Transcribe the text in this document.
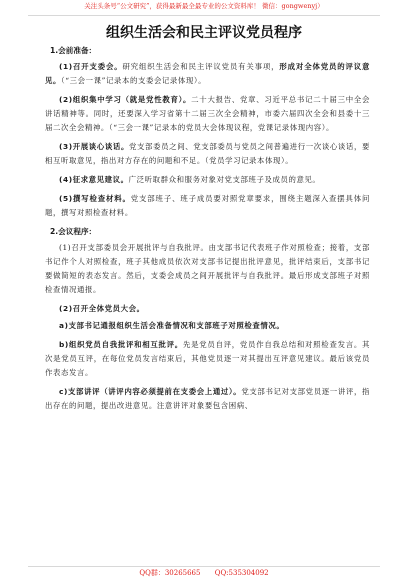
关注头条号“公文研究”，获得最新最全最专业的公文资料库！ 微信：gongwenyj）
组织生活会和民主评议党员程序
1.会前准备：

(1)召开支委会。研究组织生活会和民主评议党员有关事项，形成对全体党员的评议意见。（“三会一课”记录本的支委会记录体现）。

(2)组织集中学习（就是党性教育）。二十大报告、党章、习近平总书记二十届三中全会讲话精神等。同时，还要深入学习省第十二届三次全会精神，市委六届四次全会和县委十三届二次全会精神。（“三会一课”记录本的党员大会体现议程，党课记录体现内容）。

(3)开展谈心谈话。党支部委员之间、党支部委员与党员之间普遍进行一次谈心谈话，要相互听取意见，指出对方存在的问题和不足。（党员学习记录本体现）。

(4)征求意见建议。广泛听取群众和服务对象对党支部班子及成员的意见。

(5)撰写检查材料。党支部班子、班子成员要对照党章要求，围绕主题深入查摆具体问题，撰写对照检查材料。

2.会议程序：

(1)召开支部委员会开展批评与自我批评。由支部书记代表班子作对照检查；接着，支部书记作个人对照检查，班子其他成员依次对支部书记提出批评意见，批评结束后，支部书记要做简短的表态发言。然后，支委会成员之间开展批评与自我批评。最后形成支部班子对照检查情况通报。

(2)召开全体党员大会。

a)支部书记通报组织生活会准备情况和支部班子对照检查情况。

b)组织党员自我批评和相互批评。先是党员自评，党员作自我总结和对照检查发言。其次是党员互评，在每位党员发言结束后，其他党员逐一对其提出互评意见建议。最后该党员作表态发言。

c)支部讲评（讲评内容必须提前在支委会上通过）。党支部书记对支部党员逐一讲评，指出存在的问题，提出改进意见。注意讲评对象要包含困病、

QQ群：30265665 QQ:535304092
